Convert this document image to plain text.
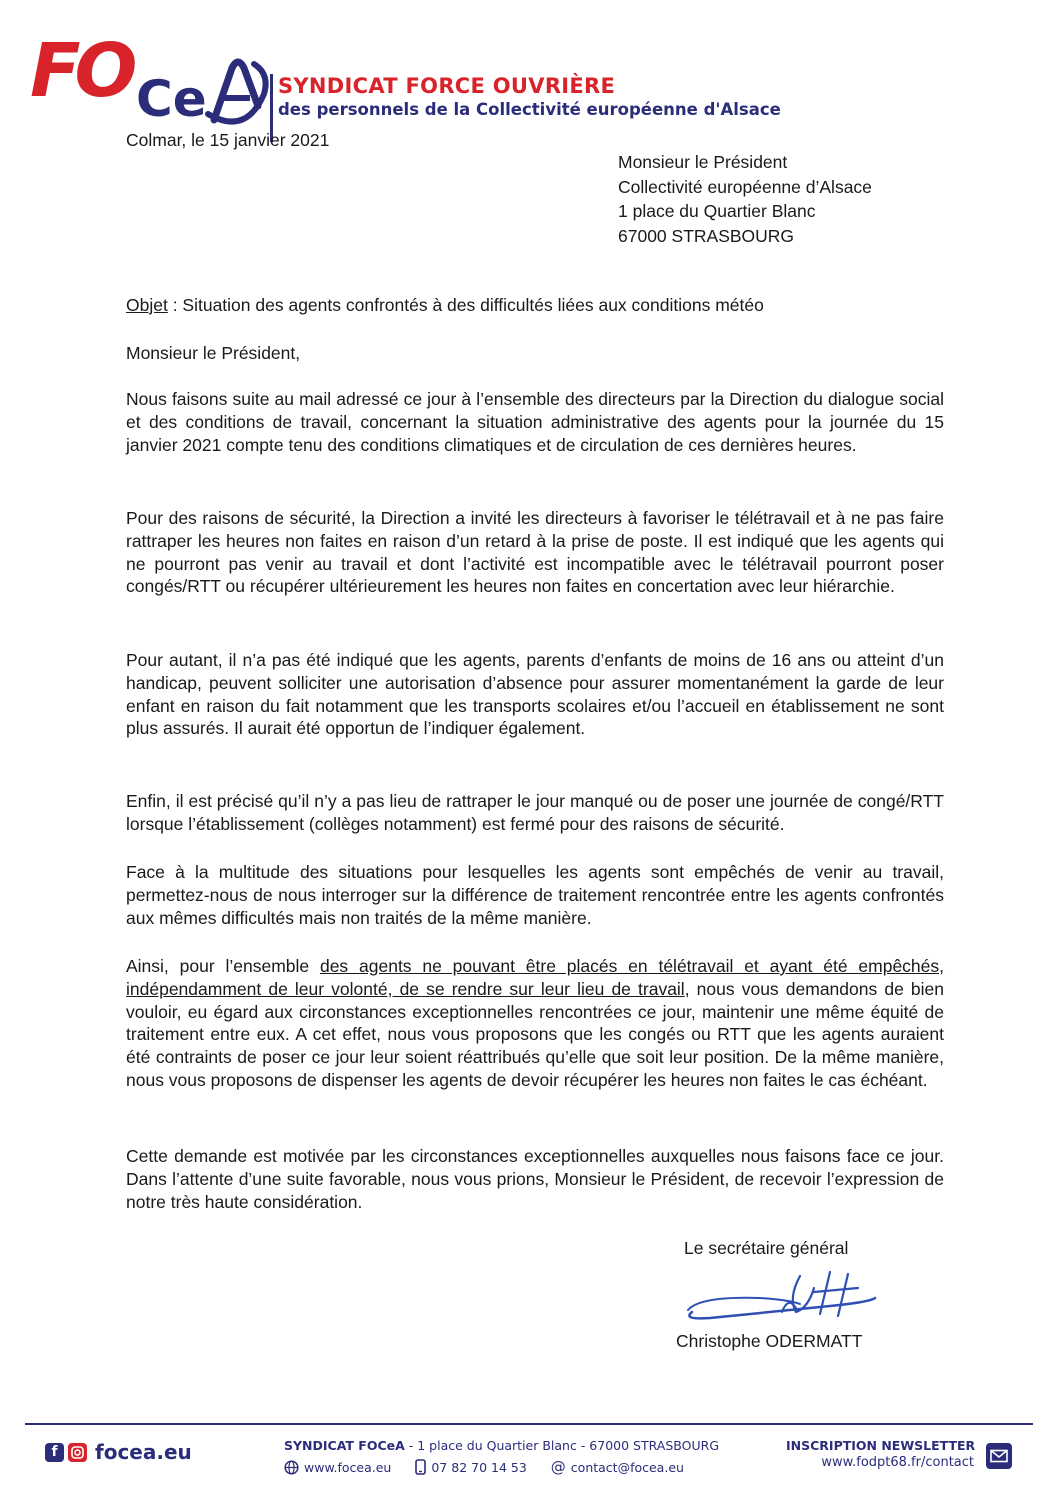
FO Ce	SYNDICAT FORCE OUVRIÈRE
des personnels de la Collectivité européenne d'Alsace
Colmar, le 15 janvier 2021
Monsieur le Président
Collectivité européenne d’Alsace
1 place du Quartier Blanc
67000 STRASBOURG

Objet : Situation des agents confrontés à des difficultés liées aux conditions météo

Monsieur le Président,

Nous faisons suite au mail adressé ce jour à l’ensemble des directeurs par la Direction du dialogue social et des conditions de travail, concernant la situation administrative des agents pour la journée du 15 janvier 2021 compte tenu des conditions climatiques et de circulation de ces dernières heures.

Pour des raisons de sécurité, la Direction a invité les directeurs à favoriser le télétravail et à ne pas faire rattraper les heures non faites en raison d’un retard à la prise de poste. Il est indiqué que les agents qui ne pourront pas venir au travail et dont l’activité est incompatible avec le télétravail pourront poser congés/RTT ou récupérer ultérieurement les heures non faites en concertation avec leur hiérarchie.

Pour autant, il n’a pas été indiqué que les agents, parents d’enfants de moins de 16 ans ou atteint d’un handicap, peuvent solliciter une autorisation d’absence pour assurer momentanément la garde de leur enfant en raison du fait notamment que les transports scolaires et/ou l’accueil en établissement ne sont plus assurés. Il aurait été opportun de l’indiquer également.

Enfin, il est précisé qu’il n’y a pas lieu de rattraper le jour manqué ou de poser une journée de congé/RTT lorsque l’établissement (collèges notamment) est fermé pour des raisons de sécurité.

Face à la multitude des situations pour lesquelles les agents sont empêchés de venir au travail, permettez-nous de nous interroger sur la différence de traitement rencontrée entre les agents confrontés aux mêmes difficultés mais non traités de la même manière.

Ainsi, pour l’ensemble des agents ne pouvant être placés en télétravail et ayant été empêchés, indépendamment de leur volonté, de se rendre sur leur lieu de travail, nous vous demandons de bien vouloir, eu égard aux circonstances exceptionnelles rencontrées ce jour, maintenir une même équité de traitement entre eux. A cet effet, nous vous proposons que les congés ou RTT que les agents auraient été contraints de poser ce jour leur soient réattribués qu’elle que soit leur position. De la même manière, nous vous proposons de dispenser les agents de devoir récupérer les heures non faites le cas échéant.

Cette demande est motivée par les circonstances exceptionnelles auxquelles nous faisons face ce jour. Dans l’attente d’une suite favorable, nous vous prions, Monsieur le Président, de recevoir l’expression de notre très haute considération.

Le secrétaire général
Christophe ODERMATT
f	focea.eu	SYNDICAT FOCeA - 1 place du Quartier Blanc - 67000 STRASBOURG
www.focea.eu	07 82 70 14 53 @ contact@focea.eu
INSCRIPTION NEWSLETTER
www.fodpt68.fr/contact
